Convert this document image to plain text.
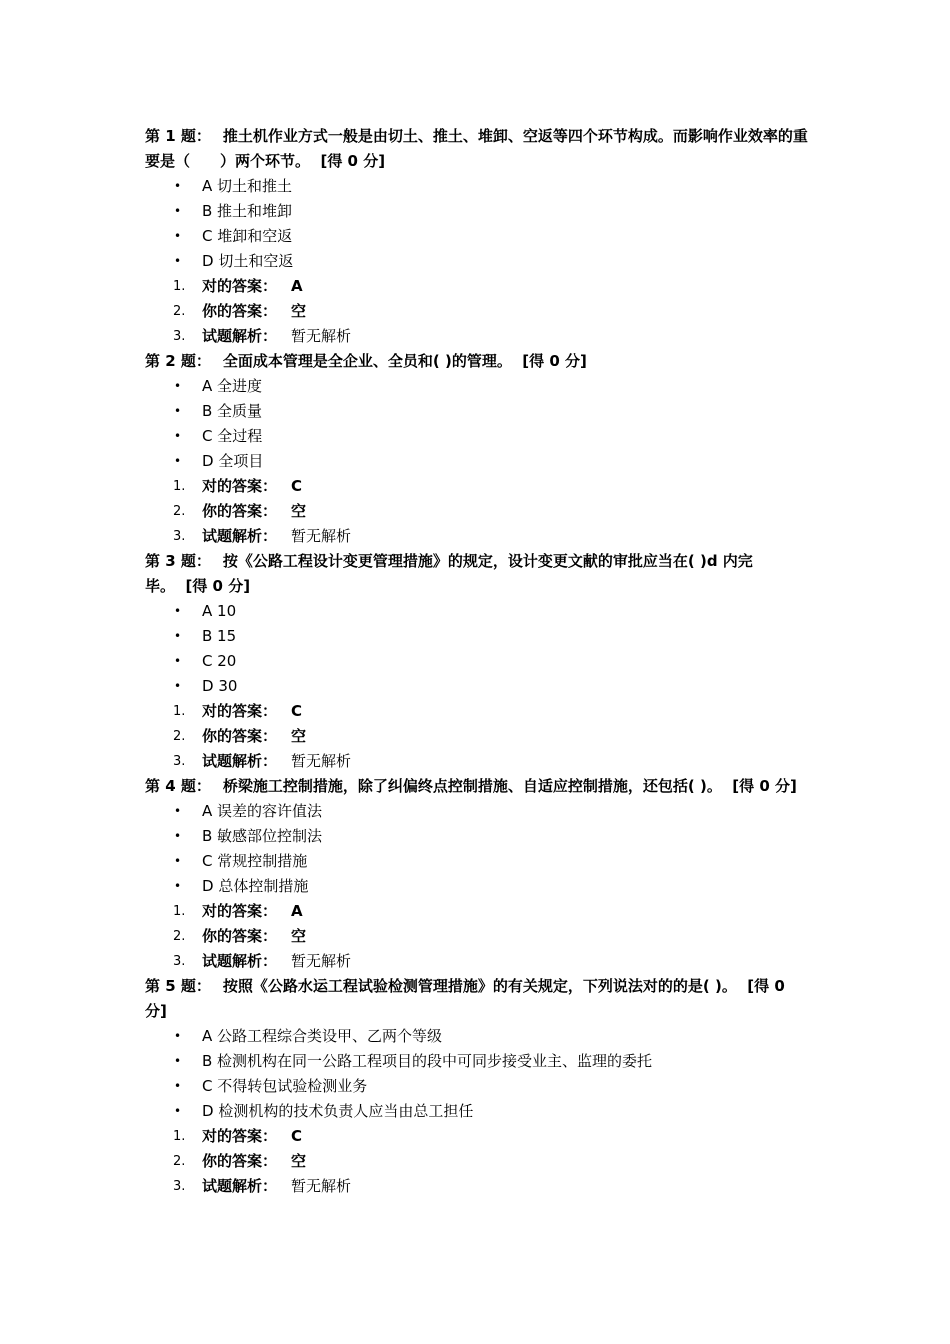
第 1 题： 推土机作业方式一般是由切土、推土、堆卸、空返等四个环节构成。而影响作业效率的重要是（　　）两个环节。 [得 0 分]

• A 切土和推土
• B 推土和堆卸
• C 堆卸和空返
• D 切土和空返
1. 对的答案： A
2. 你的答案： 空
3. 试题解析： 暂无解析

第 2 题： 全面成本管理是全企业、全员和( )的管理。 [得 0 分]

• A 全进度
• B 全质量
• C 全过程
• D 全项目
1. 对的答案： C
2. 你的答案： 空
3. 试题解析： 暂无解析

第 3 题： 按《公路工程设计变更管理措施》的规定，设计变更文献的审批应当在( )d 内完毕。 [得 0 分]

• A 10
• B 15
• C 20
• D 30
1. 对的答案： C
2. 你的答案： 空
3. 试题解析： 暂无解析

第 4 题： 桥梁施工控制措施，除了纠偏终点控制措施、自适应控制措施，还包括( )。 [得 0 分]

• A 误差的容许值法
• B 敏感部位控制法
• C 常规控制措施
• D 总体控制措施
1. 对的答案： A
2. 你的答案： 空
3. 试题解析： 暂无解析

第 5 题： 按照《公路水运工程试验检测管理措施》的有关规定，下列说法对的的是( )。 [得 0 分]

• A 公路工程综合类设甲、乙两个等级
• B 检测机构在同一公路工程项目的段中可同步接受业主、监理的委托
• C 不得转包试验检测业务
• D 检测机构的技术负责人应当由总工担任
1. 对的答案： C
2. 你的答案： 空
3. 试题解析： 暂无解析
